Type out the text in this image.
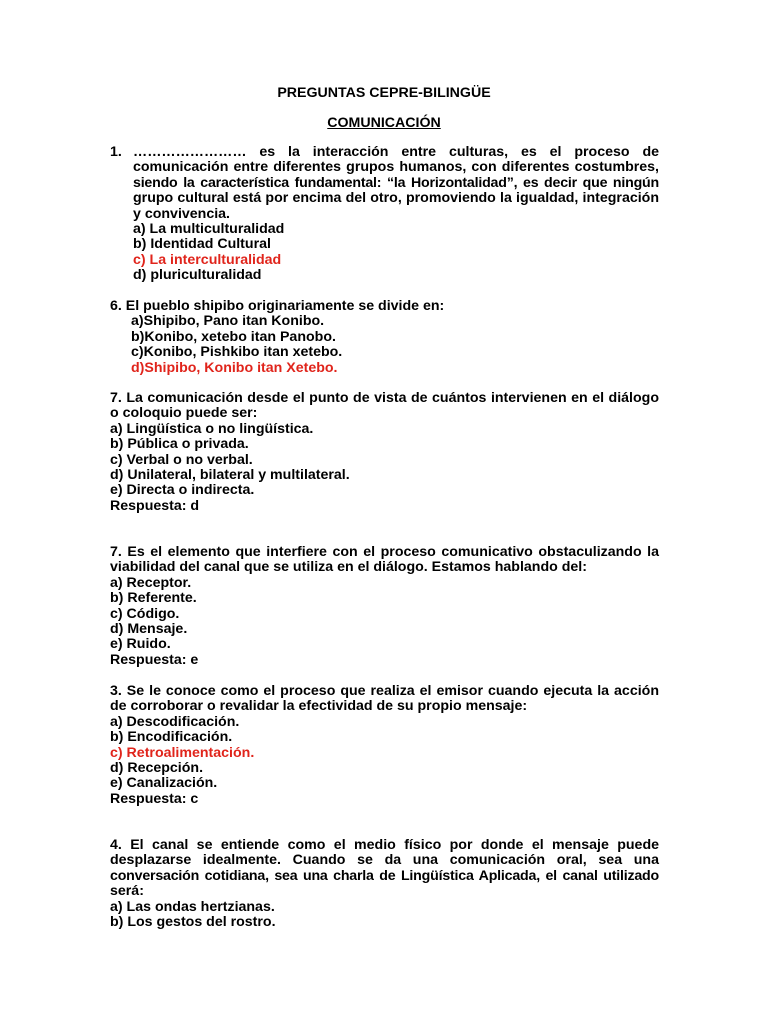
PREGUNTAS CEPRE-BILINGÜE
COMUNICACIÓN
1. …………………… es la interacción entre culturas, es el proceso de
comunicación entre diferentes grupos humanos, con diferentes costumbres,
siendo la característica fundamental: “la Horizontalidad”, es decir que ningún
grupo cultural está por encima del otro, promoviendo la igualdad, integración
y convivencia.
a) La multiculturalidad
b) Identidad Cultural
c) La interculturalidad
d) pluriculturalidad
6. El pueblo shipibo originariamente se divide en:
a)Shipibo, Pano itan Konibo.
b)Konibo, xetebo itan Panobo.
c)Konibo, Pishkibo itan xetebo.
d)Shipibo, Konibo itan Xetebo.
7. La comunicación desde el punto de vista de cuántos intervienen en el diálogo
o coloquio puede ser:
a) Lingüística o no lingüística.
b) Pública o privada.
c) Verbal o no verbal.
d) Unilateral, bilateral y multilateral.
e) Directa o indirecta.
Respuesta: d
7. Es el elemento que interfiere con el proceso comunicativo obstaculizando la
viabilidad del canal que se utiliza en el diálogo. Estamos hablando del:
a) Receptor.
b) Referente.
c) Código.
d) Mensaje.
e) Ruido.
Respuesta: e
3. Se le conoce como el proceso que realiza el emisor cuando ejecuta la acción
de corroborar o revalidar la efectividad de su propio mensaje:
a) Descodificación.
b) Encodificación.
c) Retroalimentación.
d) Recepción.
e) Canalización.
Respuesta: c
4. El canal se entiende como el medio físico por donde el mensaje puede
desplazarse idealmente. Cuando se da una comunicación oral, sea una
conversación cotidiana, sea una charla de Lingüística Aplicada, el canal utilizado
será:
a) Las ondas hertzianas.
b) Los gestos del rostro.
